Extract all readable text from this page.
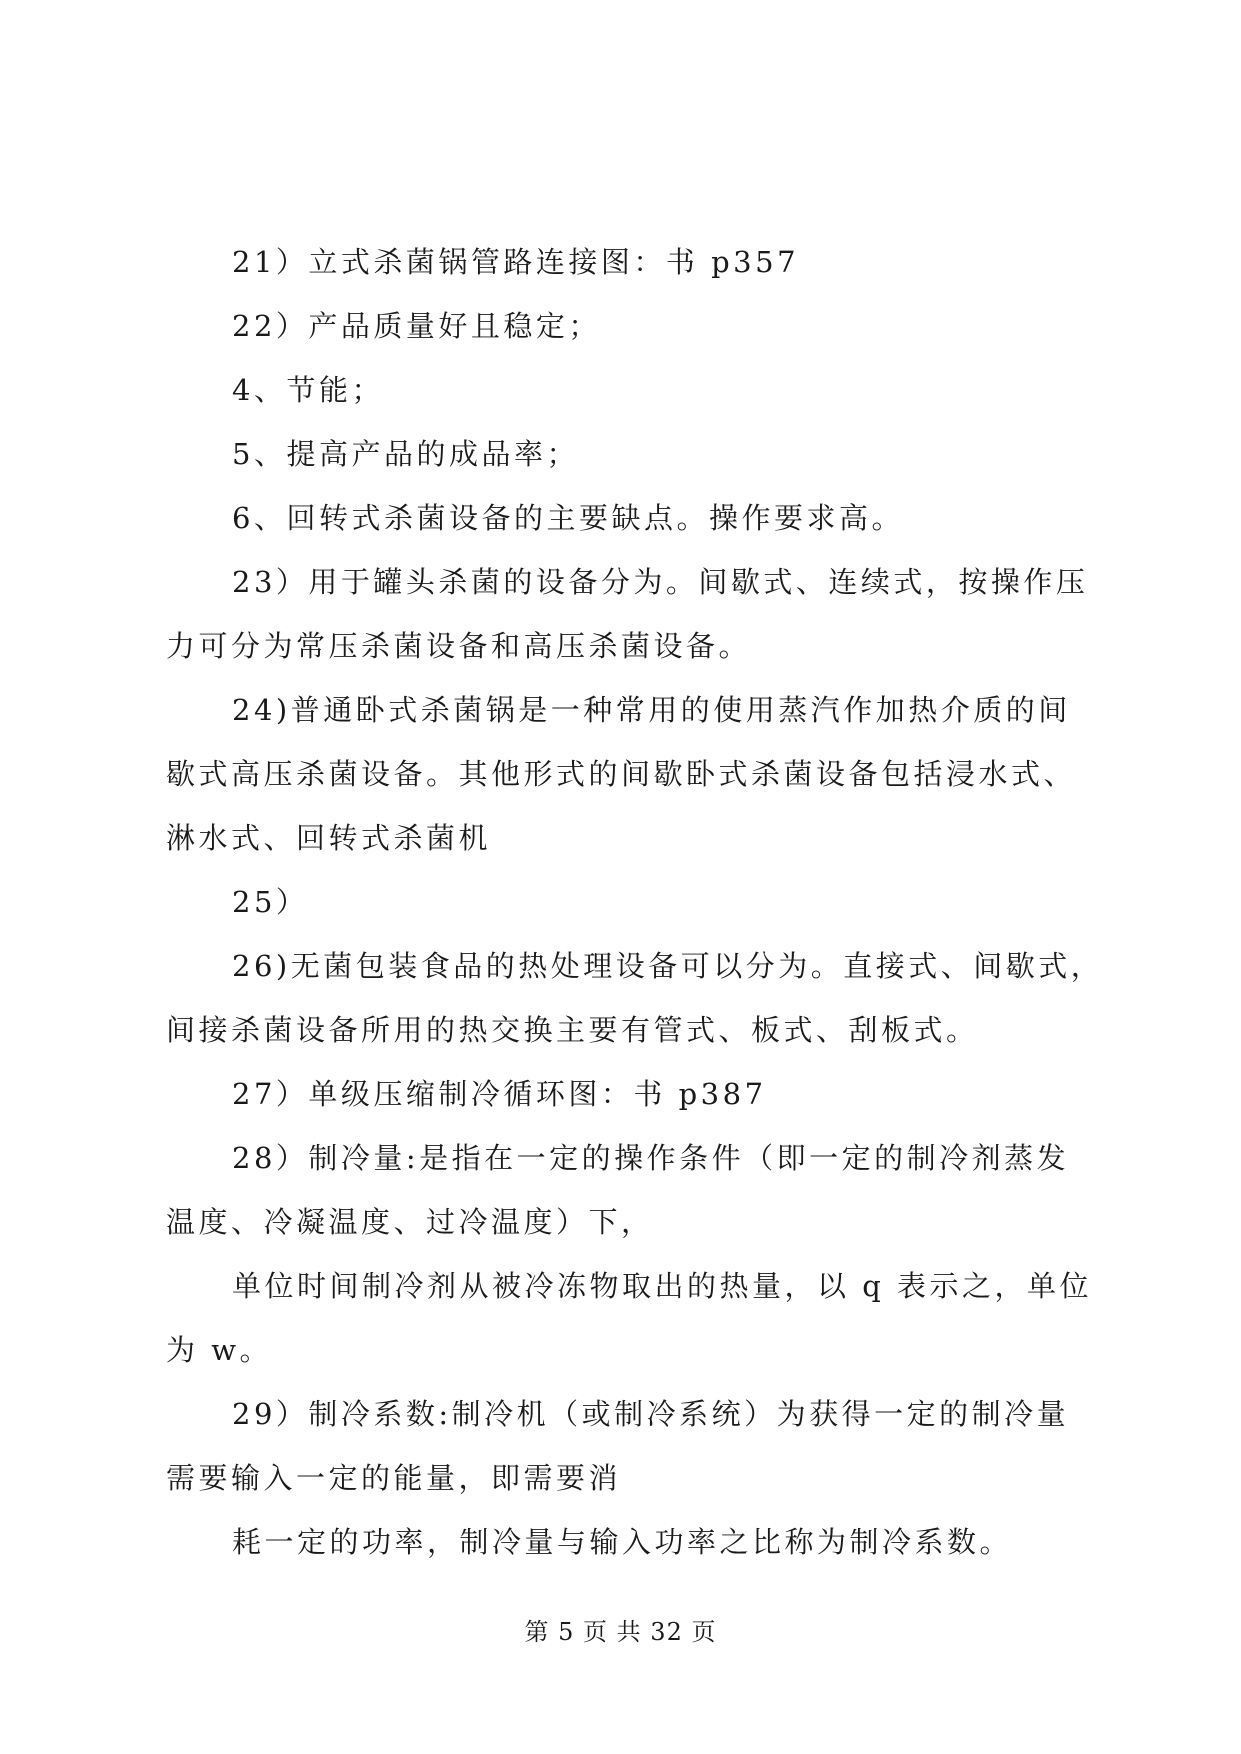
21）立式杀菌锅管路连接图：书 p357

22）产品质量好且稳定；

4、节能；

5、提高产品的成品率；

6、回转式杀菌设备的主要缺点。操作要求高。

23）用于罐头杀菌的设备分为。间歇式、连续式，按操作压
力可分为常压杀菌设备和高压杀菌设备。

24)普通卧式杀菌锅是一种常用的使用蒸汽作加热介质的间
歇式高压杀菌设备。其他形式的间歇卧式杀菌设备包括浸水式、
淋水式、回转式杀菌机

25）

26)无菌包装食品的热处理设备可以分为。直接式、间歇式，
间接杀菌设备所用的热交换主要有管式、板式、刮板式。

27）单级压缩制冷循环图：书 p387

28）制冷量:是指在一定的操作条件（即一定的制冷剂蒸发
温度、冷凝温度、过冷温度）下，

单位时间制冷剂从被冷冻物取出的热量，以 q 表示之，单位
为 w。

29）制冷系数:制冷机（或制冷系统）为获得一定的制冷量
需要输入一定的能量，即需要消

耗一定的功率，制冷量与输入功率之比称为制冷系数。

第 5 页 共 32 页
